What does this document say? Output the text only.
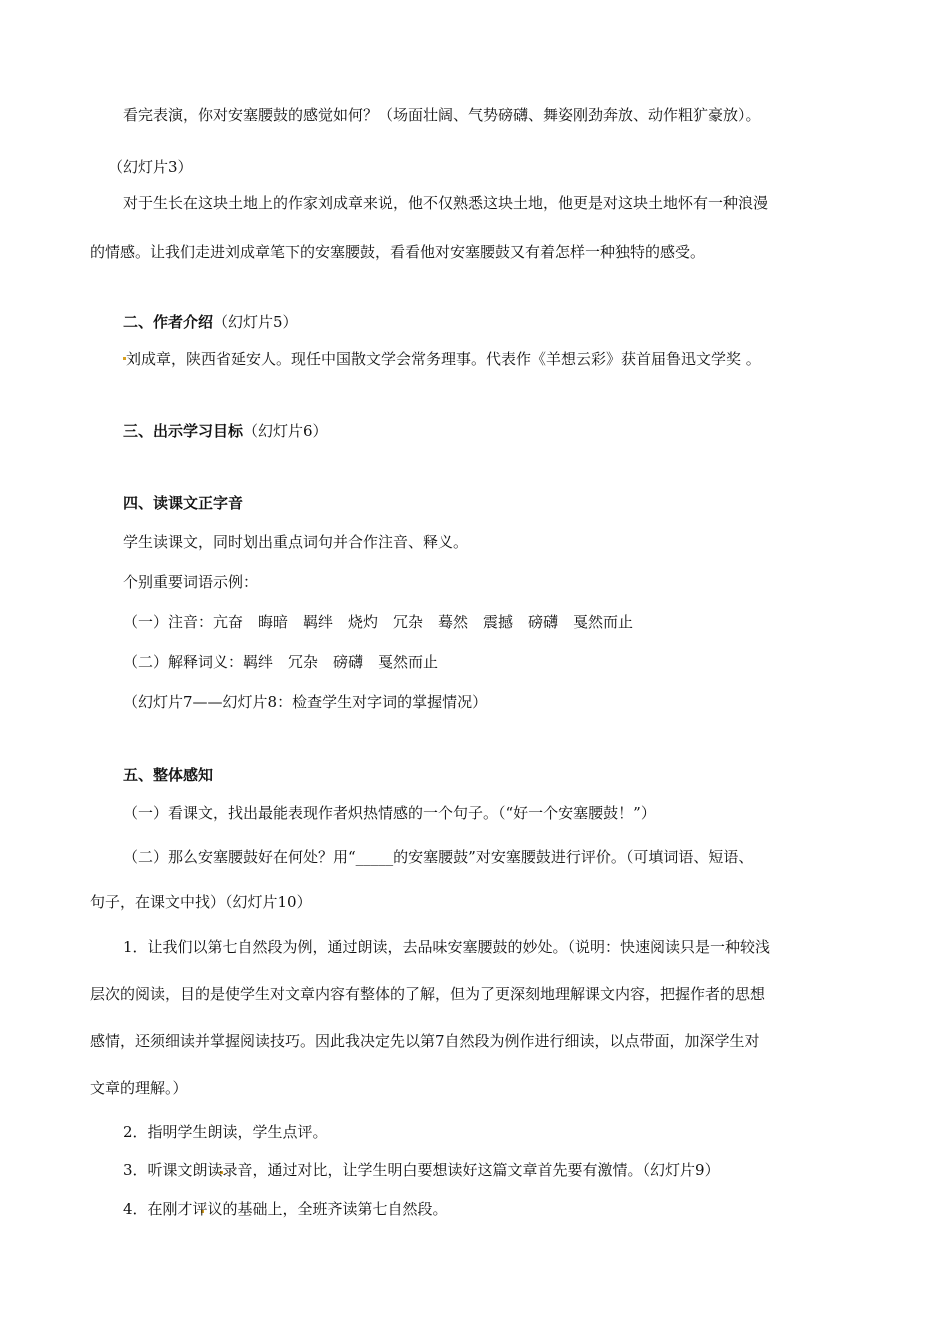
看完表演，你对安塞腰鼓的感觉如何？（场面壮阔、气势磅礴、舞姿刚劲奔放、动作粗犷豪放）。
（幻灯片3）
对于生长在这块土地上的作家刘成章来说，他不仅熟悉这块土地，他更是对这块土地怀有一种浪漫
的情感。让我们走进刘成章笔下的安塞腰鼓，看看他对安塞腰鼓又有着怎样一种独特的感受。
二、作者介绍（幻灯片5）
刘成章，陕西省延安人。现任中国散文学会常务理事。代表作《羊想云彩》获首届鲁迅文学奖 。
三、出示学习目标（幻灯片6）
四、读课文正字音
学生读课文，同时划出重点词句并合作注音、释义。
个别重要词语示例：
（一）注音：亢奋　晦暗　羁绊　烧灼　冗杂　蓦然　震撼　磅礴　戛然而止
（二）解释词义：羁绊　冗杂　磅礴　戛然而止
（幻灯片7——幻灯片8：检查学生对字词的掌握情况）
五、整体感知
（一）看课文，找出最能表现作者炽热情感的一个句子。（“好一个安塞腰鼓！”）
（二）那么安塞腰鼓好在何处？用“_____的安塞腰鼓”对安塞腰鼓进行评价。（可填词语、短语、
句子，在课文中找）（幻灯片10）
1．让我们以第七自然段为例，通过朗读，去品味安塞腰鼓的妙处。（说明：快速阅读只是一种较浅
层次的阅读，目的是使学生对文章内容有整体的了解，但为了更深刻地理解课文内容，把握作者的思想
感情，还须细读并掌握阅读技巧。因此我决定先以第7自然段为例作进行细读，以点带面，加深学生对
文章的理解。）
2．指明学生朗读，学生点评。
3．听课文朗读录音，通过对比，让学生明白要想读好这篇文章首先要有激情。（幻灯片9）
4．在刚才评议的基础上，全班齐读第七自然段。
